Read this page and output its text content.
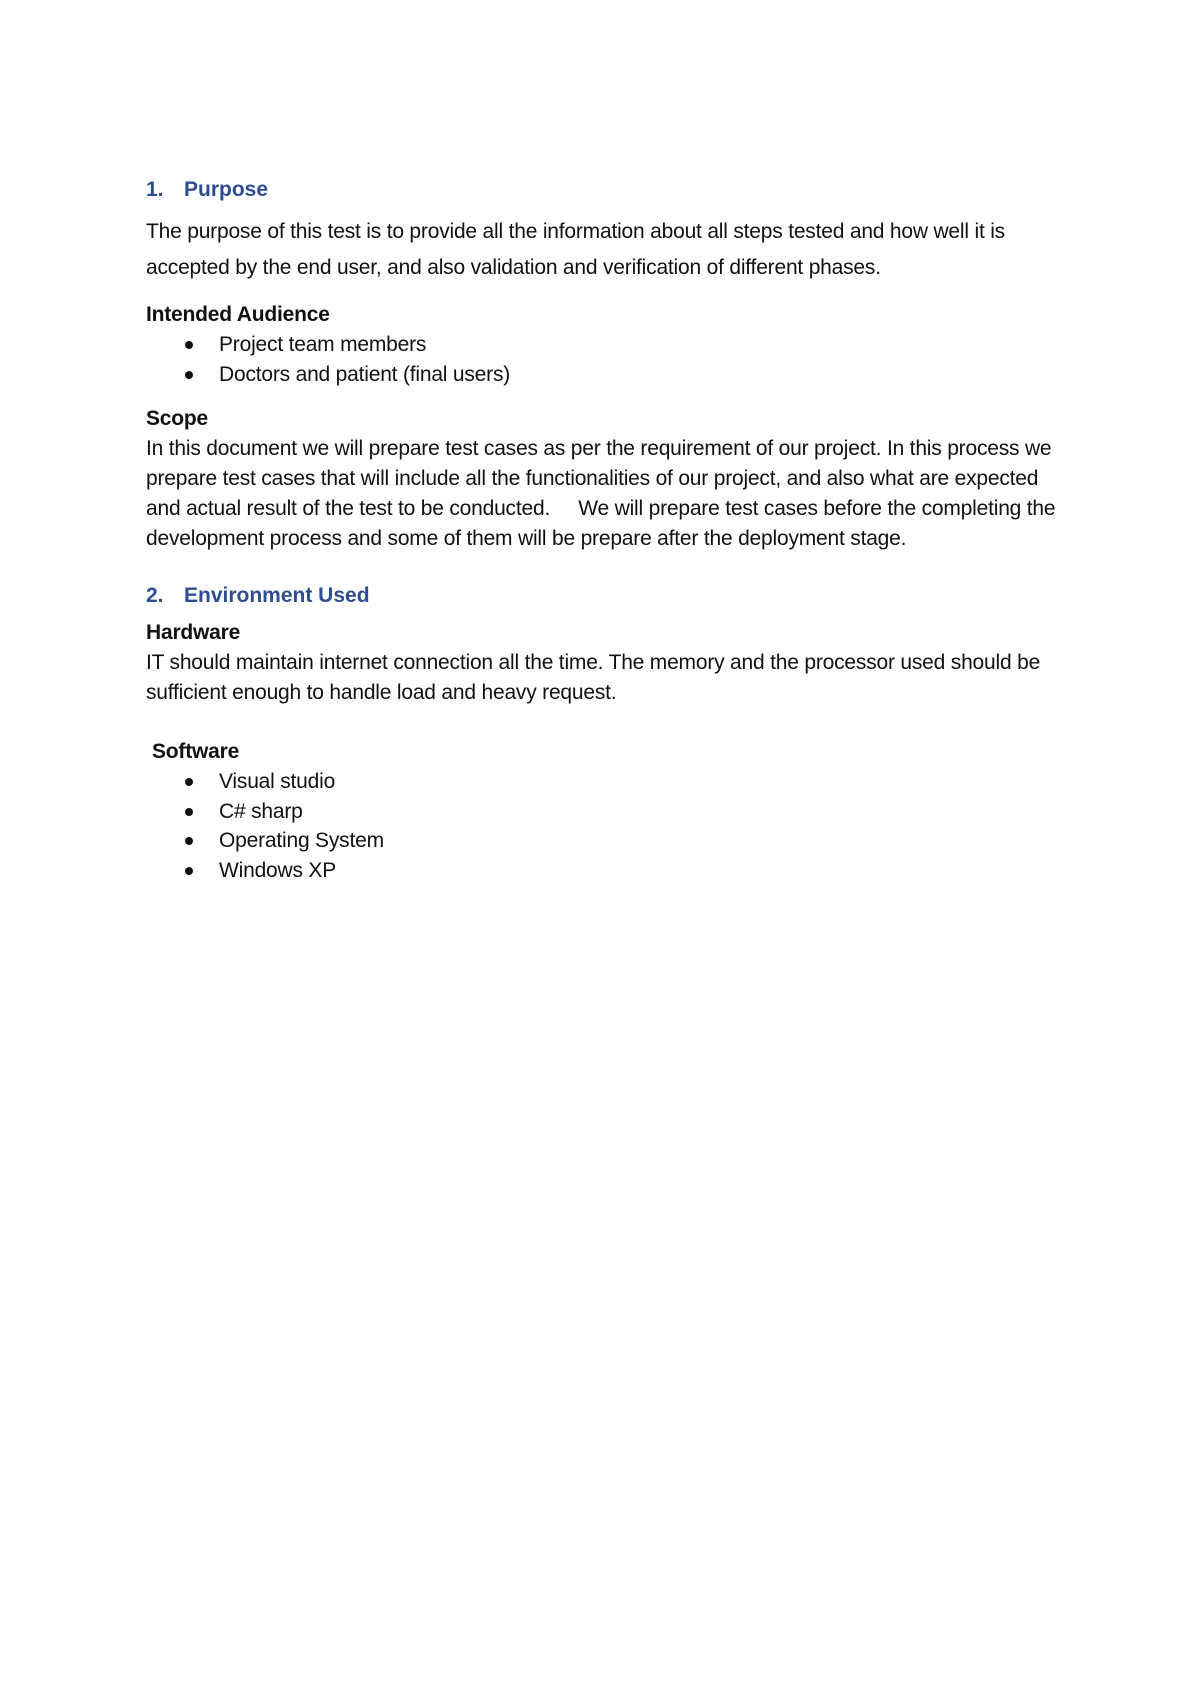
1. Purpose

The purpose of this test is to provide all the information about all steps tested and how well it is accepted by the end user, and also validation and verification of different phases.

Intended Audience

Project team members
Doctors and patient (final users)

Scope

In this document we will prepare test cases as per the requirement of our project. In this process we prepare test cases that will include all the functionalities of our project, and also what are expected and actual result of the test to be conducted.     We will prepare test cases before the completing the development process and some of them will be prepare after the deployment stage.

2. Environment Used

Hardware

IT should maintain internet connection all the time. The memory and the processor used should be sufficient enough to handle load and heavy request.

Software

Visual studio
C# sharp
Operating System
Windows XP
